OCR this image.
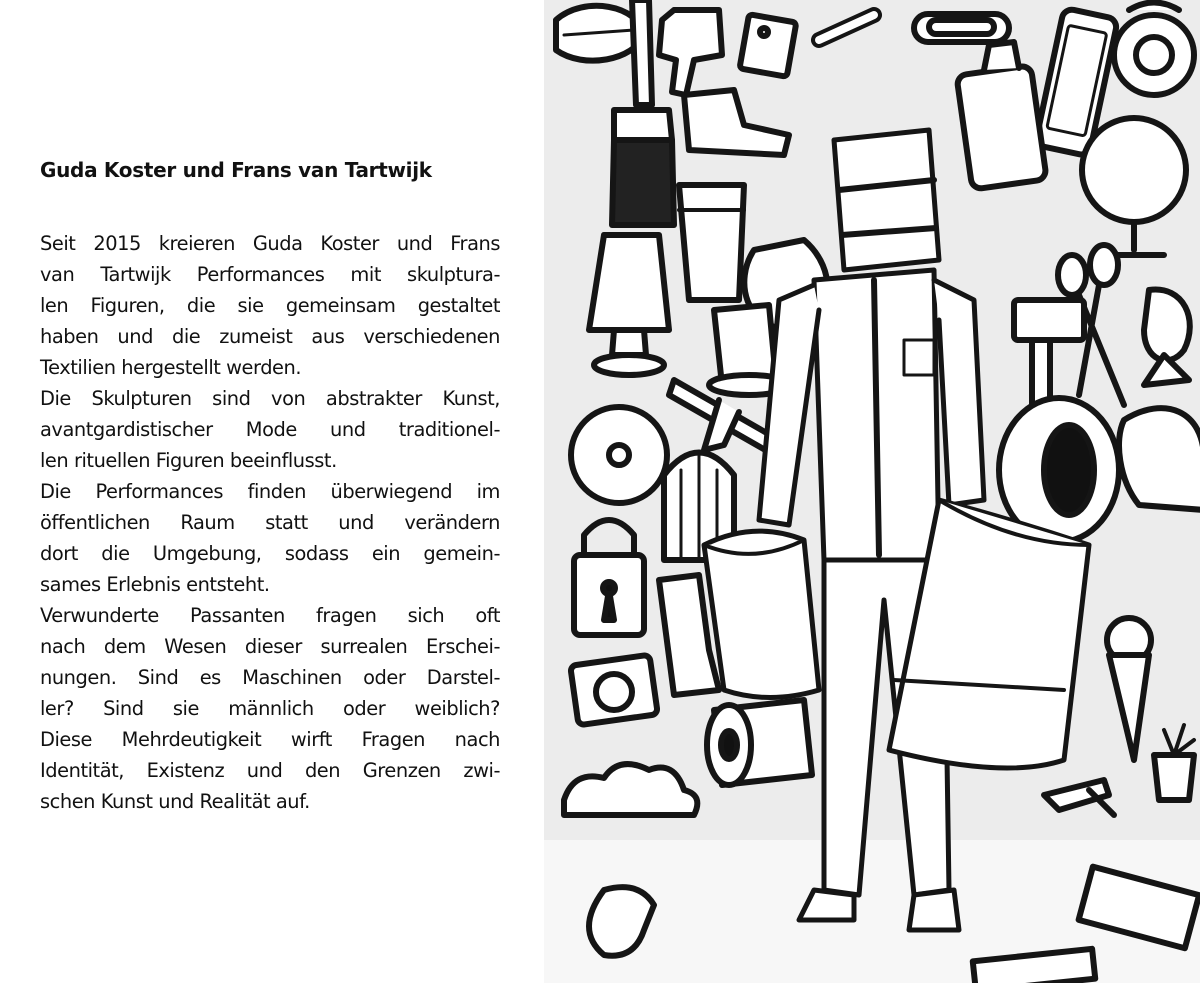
Guda Koster und Frans van Tartwijk
Seit 2015 kreieren Guda Koster und Frans
van Tartwijk Performances mit skulptura-
len Figuren, die sie gemeinsam gestaltet
haben und die zumeist aus verschiedenen
Textilien hergestellt werden.
Die Skulpturen sind von abstrakter Kunst,
avantgardistischer Mode und traditionel-
len rituellen Figuren beeinflusst.
Die Performances finden überwiegend im
öffentlichen Raum statt und verändern
dort die Umgebung, sodass ein gemein-
sames Erlebnis entsteht.
Verwunderte Passanten fragen sich oft
nach dem Wesen dieser surrealen Erschei-
nungen. Sind es Maschinen oder Darstel-
ler? Sind sie männlich oder weiblich?
Diese Mehrdeutigkeit wirft Fragen nach
Identität, Existenz und den Grenzen zwi-
schen Kunst und Realität auf.
